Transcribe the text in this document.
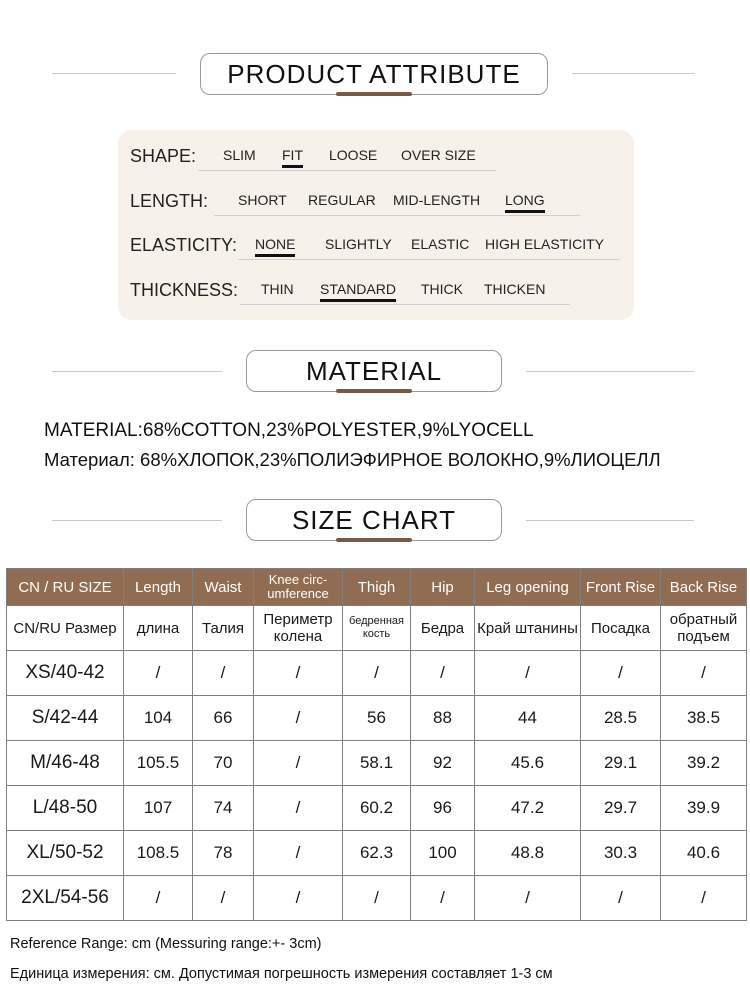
PRODUCT ATTRIBUTE
SHAPE: SLIM FIT LOOSE OVER SIZE
LENGTH: SHORT REGULAR MID-LENGTH LONG
ELASTICITY: NONE SLIGHTLY ELASTIC HIGH ELASTICITY
THICKNESS: THIN STANDARD THICK THICKEN
MATERIAL
MATERIAL:68%COTTON,23%POLYESTER,9%LYOCELL
Материал: 68%ХЛОПОК,23%ПОЛИЭФИРНОЕ ВОЛОКНО,9%ЛИОЦЕЛЛ
SIZE CHART
CN / RU SIZE	Length	Waist	Knee circ-umference	Thigh	Hip	Leg opening	Front Rise	Back Rise
CN/RU Размер	длина	Талия	Периметр колена	бедренная кость	Бедра	Край штанины	Посадка	обратный подъем
XS/40-42	/	/	/	/	/	/	/	/
S/42-44	104	66	/	56	88	44	28.5	38.5
M/46-48	105.5	70	/	58.1	92	45.6	29.1	39.2
L/48-50	107	74	/	60.2	96	47.2	29.7	39.9
XL/50-52	108.5	78	/	62.3	100	48.8	30.3	40.6
2XL/54-56	/	/	/	/	/	/	/	/
Reference Range: cm (Messuring range:+- 3cm)
Единица измерения: см. Допустимая погрешность измерения составляет 1-3 см
